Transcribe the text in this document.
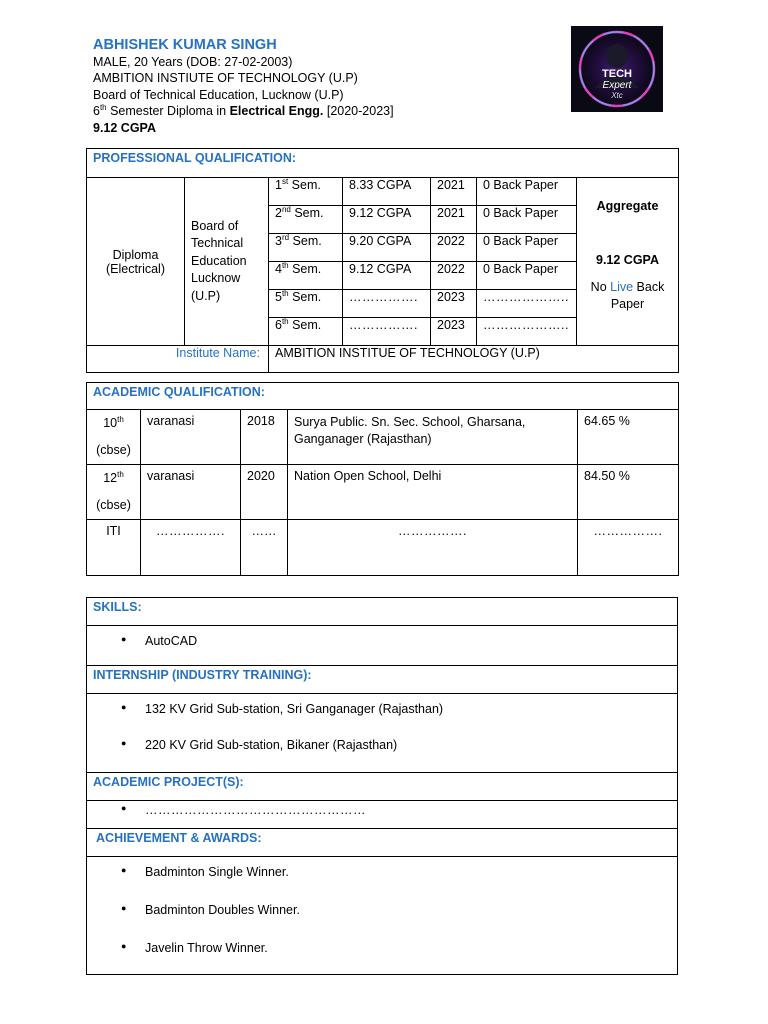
ABHISHEK KUMAR SINGH
MALE, 20 Years (DOB: 27-02-2003)
AMBITION INSTIUTE OF TECHNOLOGY (U.P)
Board of Technical Education, Lucknow (U.P)
6th Semester Diploma in Electrical Engg. [2020-2023]
9.12 CGPA
TECH
Expert
Xtc
PROFESSIONAL QUALIFICATION:						
Diploma (Electrical)	Board of Technical Education Lucknow (U.P)	1st Sem.	8.33 CGPA	2021	0 Back Paper	Aggregate
9.12 CGPA
No Live Back Paper

		2nd Sem.	9.12 CGPA	2021	0 Back Paper	
		3rd Sem.	9.20 CGPA	2022	0 Back Paper	
		4th Sem.	9.12 CGPA	2022	0 Back Paper	
		5th Sem.	…………….	2023	………………..	
		6th Sem.	…………….	2023	………………..	
Institute Name:		AMBITION INSTITUE OF TECHNOLOGY (U.P)				
ACADEMIC QUALIFICATION:				

10th
(cbse)	varanasi	2018	Surya Public. Sn. Sec. School, Gharsana, Ganganager (Rajasthan)	64.65 %

12th
(cbse)	varanasi	2020	Nation Open School, Delhi	84.50 %
ITI	…………….	……	…………….	…………….
SKILLS:

● AutoCAD

INTERNSHIP (INDUSTRY TRAINING):

● 132 KV Grid Sub-station, Sri Ganganager (Rajasthan)
● 220 KV Grid Sub-station, Bikaner (Rajasthan)

ACADEMIC PROJECT(S):

● ……………………………………………

ACHIEVEMENT & AWARDS:

● Badminton Single Winner.
● Badminton Doubles Winner.
● Javelin Throw Winner.
